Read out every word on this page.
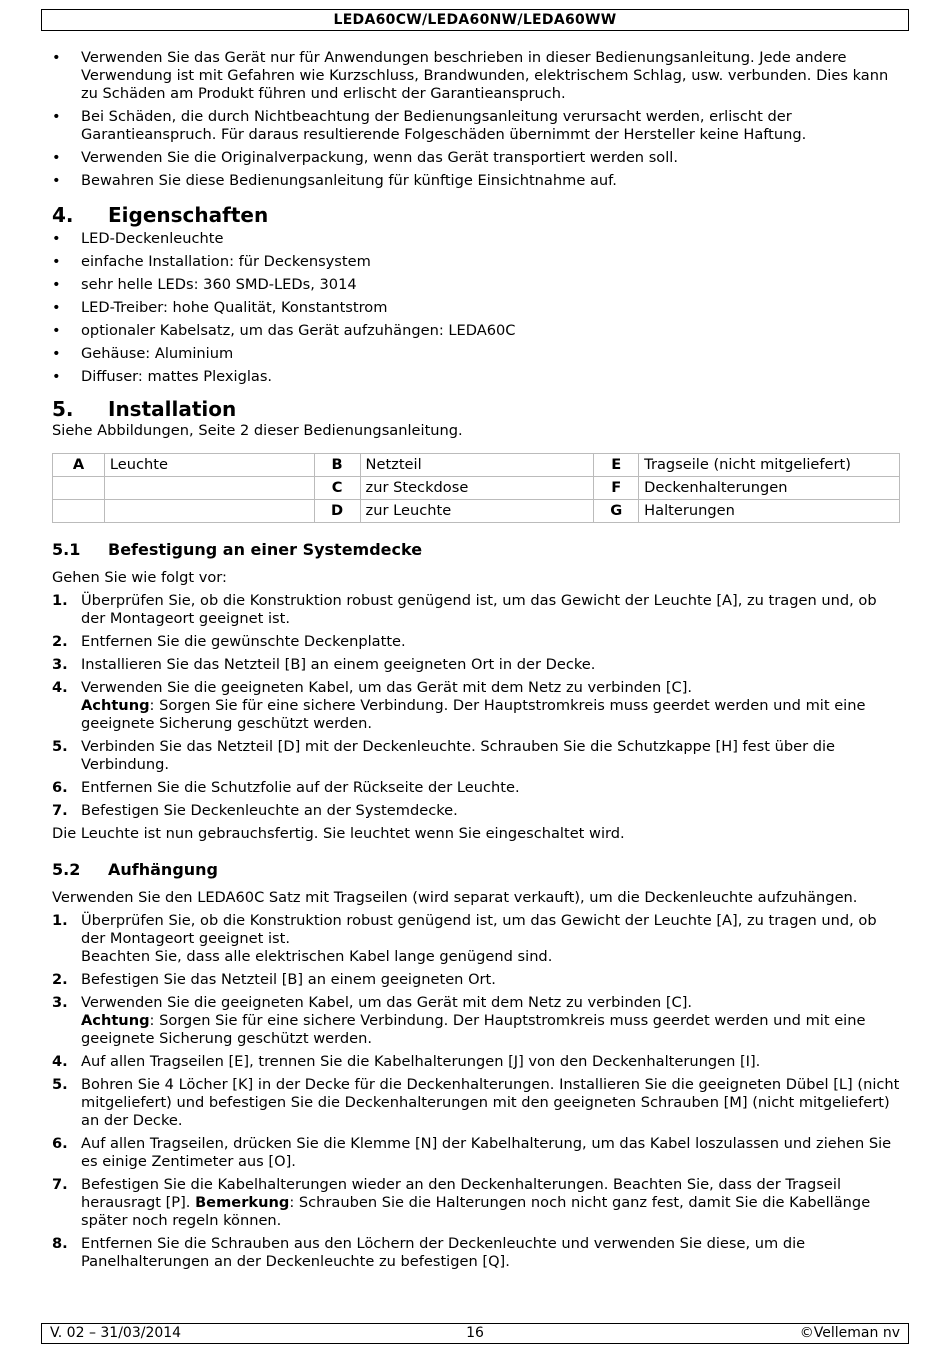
LEDA60CW/LEDA60NW/LEDA60WW
• Verwenden Sie das Gerät nur für Anwendungen beschrieben in dieser Bedienungsanleitung. Jede andere Verwendung ist mit Gefahren wie Kurzschluss, Brandwunden, elektrischem Schlag, usw. verbunden. Dies kann zu Schäden am Produkt führen und erlischt der Garantieanspruch.
• Bei Schäden, die durch Nichtbeachtung der Bedienungsanleitung verursacht werden, erlischt der Garantieanspruch. Für daraus resultierende Folgeschäden übernimmt der Hersteller keine Haftung.
• Verwenden Sie die Originalverpackung, wenn das Gerät transportiert werden soll.
• Bewahren Sie diese Bedienungsanleitung für künftige Einsichtnahme auf.
4. Eigenschaften
• LED-Deckenleuchte
• einfache Installation: für Deckensystem
• sehr helle LEDs: 360 SMD-LEDs, 3014
• LED-Treiber: hohe Qualität, Konstantstrom
• optionaler Kabelsatz, um das Gerät aufzuhängen: LEDA60C
• Gehäuse: Aluminium
• Diffuser: mattes Plexiglas.
5. Installation

Siehe Abbildungen, Seite 2 dieser Bedienungsanleitung.

A	Leuchte	B	Netzteil	E	Tragseile (nicht mitgeliefert)
		C	zur Steckdose	F	Deckenhalterungen
		D	zur Leuchte	G	Halterungen
5.1 Befestigung an einer Systemdecke

Gehen Sie wie folgt vor:

1. Überprüfen Sie, ob die Konstruktion robust genügend ist, um das Gewicht der Leuchte [A], zu tragen und, ob der Montageort geeignet ist.
2. Entfernen Sie die gewünschte Deckenplatte.
3. Installieren Sie das Netzteil [B] an einem geeigneten Ort in der Decke.
4. Verwenden Sie die geeigneten Kabel, um das Gerät mit dem Netz zu verbinden [C].
Achtung: Sorgen Sie für eine sichere Verbindung. Der Hauptstromkreis muss geerdet werden und mit eine geeignete Sicherung geschützt werden.
5. Verbinden Sie das Netzteil [D] mit der Deckenleuchte. Schrauben Sie die Schutzkappe [H] fest über die Verbindung.
6. Entfernen Sie die Schutzfolie auf der Rückseite der Leuchte.
7. Befestigen Sie Deckenleuchte an der Systemdecke.

Die Leuchte ist nun gebrauchsfertig. Sie leuchtet wenn Sie eingeschaltet wird.

5.2 Aufhängung

Verwenden Sie den LEDA60C Satz mit Tragseilen (wird separat verkauft), um die Deckenleuchte aufzuhängen.

1. Überprüfen Sie, ob die Konstruktion robust genügend ist, um das Gewicht der Leuchte [A], zu tragen und, ob der Montageort geeignet ist.
Beachten Sie, dass alle elektrischen Kabel lange genügend sind.
2. Befestigen Sie das Netzteil [B] an einem geeigneten Ort.
3. Verwenden Sie die geeigneten Kabel, um das Gerät mit dem Netz zu verbinden [C].
Achtung: Sorgen Sie für eine sichere Verbindung. Der Hauptstromkreis muss geerdet werden und mit eine geeignete Sicherung geschützt werden.
4. Auf allen Tragseilen [E], trennen Sie die Kabelhalterungen [J] von den Deckenhalterungen [I].
5. Bohren Sie 4 Löcher [K] in der Decke für die Deckenhalterungen. Installieren Sie die geeigneten Dübel [L] (nicht mitgeliefert) und befestigen Sie die Deckenhalterungen mit den geeigneten Schrauben [M] (nicht mitgeliefert) an der Decke.
6. Auf allen Tragseilen, drücken Sie die Klemme [N] der Kabelhalterung, um das Kabel loszulassen und ziehen Sie es einige Zentimeter aus [O].
7. Befestigen Sie die Kabelhalterungen wieder an den Deckenhalterungen. Beachten Sie, dass der Tragseil herausragt [P]. Bemerkung: Schrauben Sie die Halterungen noch nicht ganz fest, damit Sie die Kabellänge später noch regeln können.
8. Entfernen Sie die Schrauben aus den Löchern der Deckenleuchte und verwenden Sie diese, um die Panelhalterungen an der Deckenleuchte zu befestigen [Q].
16
V. 02 – 31/03/2014	©Velleman nv
